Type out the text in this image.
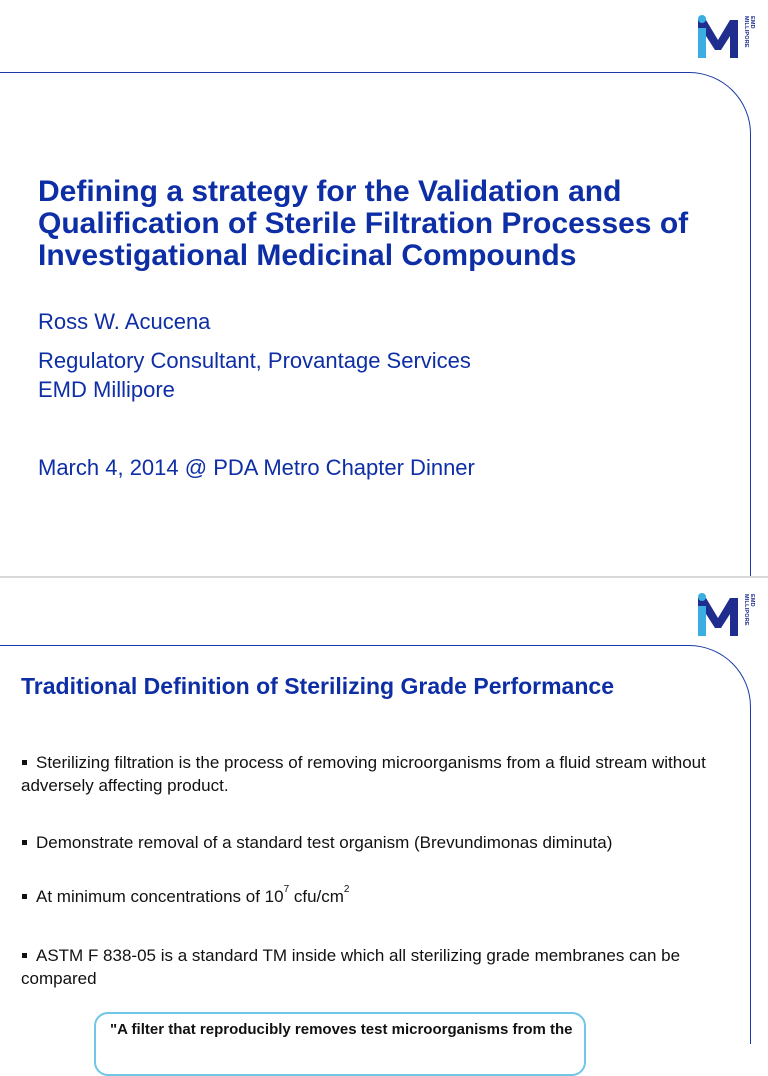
EMD MILLIPORE
Defining a strategy for the Validation and Qualification of Sterile Filtration Processes of Investigational Medicinal Compounds

Ross W. Acucena

Regulatory Consultant, Provantage Services

EMD Millipore

March 4, 2014 @ PDA Metro Chapter Dinner

EMD MILLIPORE
Traditional Definition of Sterilizing Grade Performance
Sterilizing filtration is the process of removing microorganisms from a fluid stream without adversely affecting product.
Demonstrate removal of a standard test organism (Brevundimonas diminuta)
At minimum concentrations of $10^7$ cfu/$cm^2$
ASTM F 838-05 is a standard TM inside which all sterilizing grade membranes can be compared

"A filter that reproducibly removes test microorganisms from the
